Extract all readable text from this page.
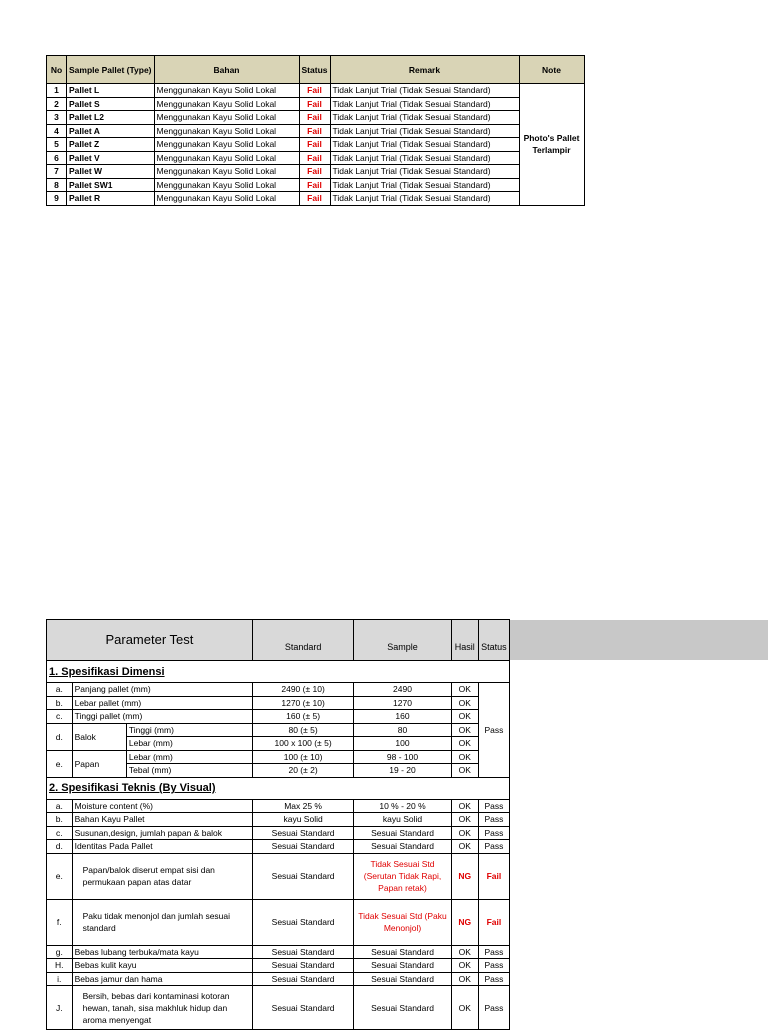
No	Sample Pallet (Type)	Bahan	Status	Remark	Note
1	Pallet L	Menggunakan Kayu Solid Lokal	Fail	Tidak Lanjut Trial (Tidak Sesuai Standard)	Photo's Pallet Terlampir
2	Pallet S	Menggunakan Kayu Solid Lokal	Fail	Tidak Lanjut Trial (Tidak Sesuai Standard)	
3	Pallet L2	Menggunakan Kayu Solid Lokal	Fail	Tidak Lanjut Trial (Tidak Sesuai Standard)	
4	Pallet A	Menggunakan Kayu Solid Lokal	Fail	Tidak Lanjut Trial (Tidak Sesuai Standard)	
5	Pallet Z	Menggunakan Kayu Solid Lokal	Fail	Tidak Lanjut Trial (Tidak Sesuai Standard)	
6	Pallet V	Menggunakan Kayu Solid Lokal	Fail	Tidak Lanjut Trial (Tidak Sesuai Standard)	
7	Pallet W	Menggunakan Kayu Solid Lokal	Fail	Tidak Lanjut Trial (Tidak Sesuai Standard)	
8	Pallet SW1	Menggunakan Kayu Solid Lokal	Fail	Tidak Lanjut Trial (Tidak Sesuai Standard)	
9	Pallet R	Menggunakan Kayu Solid Lokal	Fail	Tidak Lanjut Trial (Tidak Sesuai Standard)	
Parameter Test			Standard	Sample	Hasil	Status
1. Spesifikasi Dimensi						
a.	Panjang pallet (mm)		2490 (± 10)	2490	OK	Pass
b.	Lebar pallet (mm)		1270 (± 10)	1270	OK	
c.	Tinggi pallet (mm)		160 (± 5)	160	OK	
d.	Balok	Tinggi (mm)	80 (± 5)	80	OK	
		Lebar (mm)	100 x 100 (± 5)	100	OK	
e.	Papan	Lebar (mm)	100 (± 10)	98 - 100	OK	
		Tebal (mm)	20 (± 2)	19 - 20	OK	
2. Spesifikasi Teknis (By Visual)						
a.	Moisture content (%)		Max 25 %	10 % - 20 %	OK	Pass
b.	Bahan Kayu Pallet		kayu Solid	kayu Solid	OK	Pass
c.	Susunan,design, jumlah papan & balok		Sesuai Standard	Sesuai Standard	OK	Pass
d.	Identitas Pada Pallet		Sesuai Standard	Sesuai Standard	OK	Pass
e.	Papan/balok diserut empat sisi dan permukaan papan atas datar		Sesuai Standard	Tidak Sesuai Std (Serutan Tidak Rapi, Papan retak)	NG	Fail
f.	Paku tidak menonjol dan jumlah sesuai standard		Sesuai Standard	Tidak Sesuai Std (Paku Menonjol)	NG	Fail
g.	Bebas lubang terbuka/mata kayu		Sesuai Standard	Sesuai Standard	OK	Pass
H.	Bebas kulit kayu		Sesuai Standard	Sesuai Standard	OK	Pass
i.	Bebas jamur dan hama		Sesuai Standard	Sesuai Standard	OK	Pass
J.	Bersih, bebas dari kontaminasi kotoran hewan, tanah, sisa makhluk hidup dan aroma menyengat		Sesuai Standard	Sesuai Standard	OK	Pass
